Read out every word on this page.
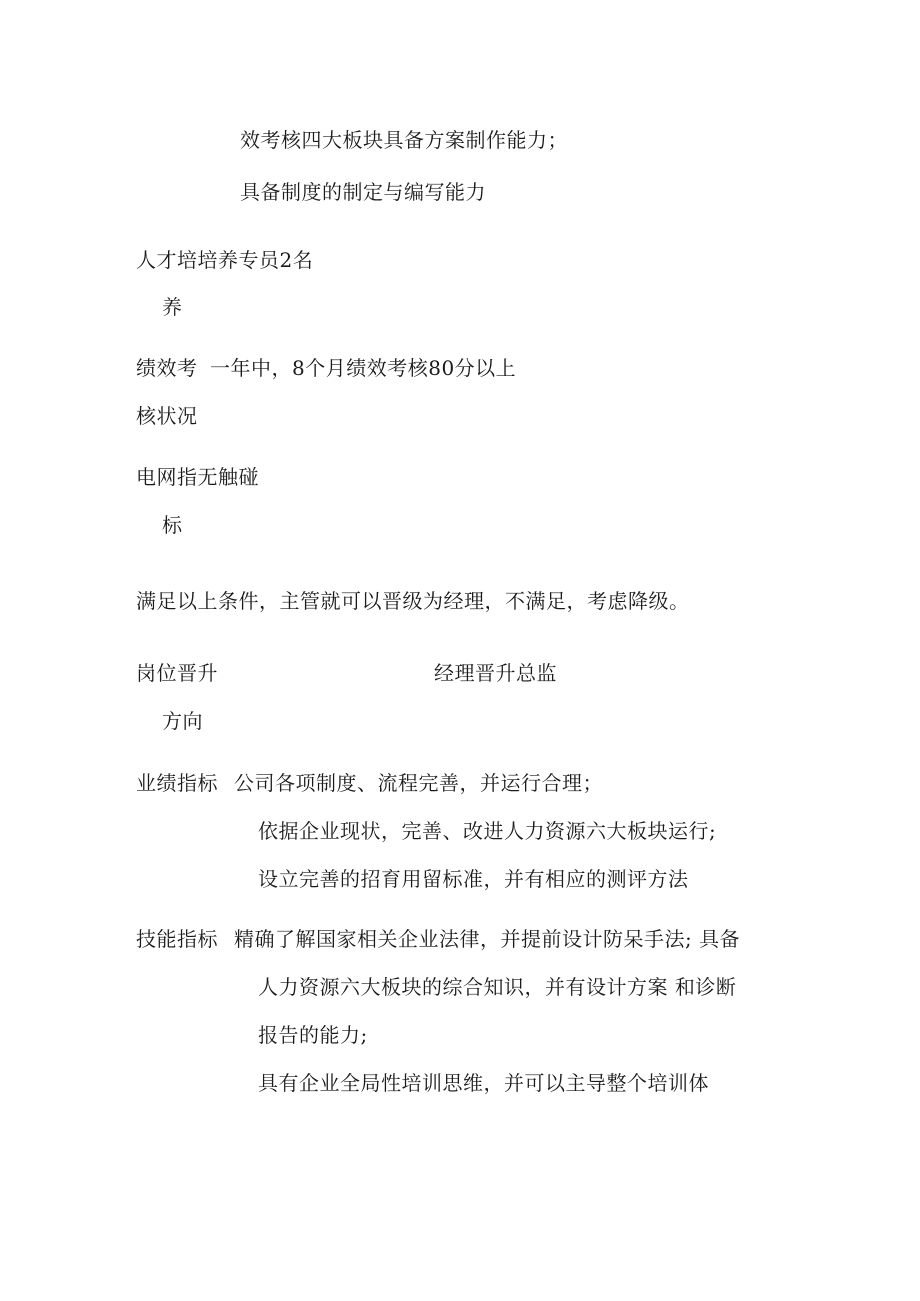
效考核四大板块具备方案制作能力；
具备制度的制定与编写能力
人才培培养专员2名
养
绩效考 一年中，8个月绩效考核80分以上
核状况
电网指无触碰
标
满足以上条件，主管就可以晋级为经理，不满足，考虑降级。
岗位晋升	经理晋升总监
方向
业绩指标 公司各项制度、流程完善，并运行合理；
依据企业现状，完善、改进人力资源六大板块运行;
设立完善的招育用留标准，并有相应的测评方法
技能指标 精确了解国家相关企业法律，并提前设计防呆手法; 具备
人力资源六大板块的综合知识，并有设计方案 和诊断
报告的能力;
具有企业全局性培训思维，并可以主导整个培训体
